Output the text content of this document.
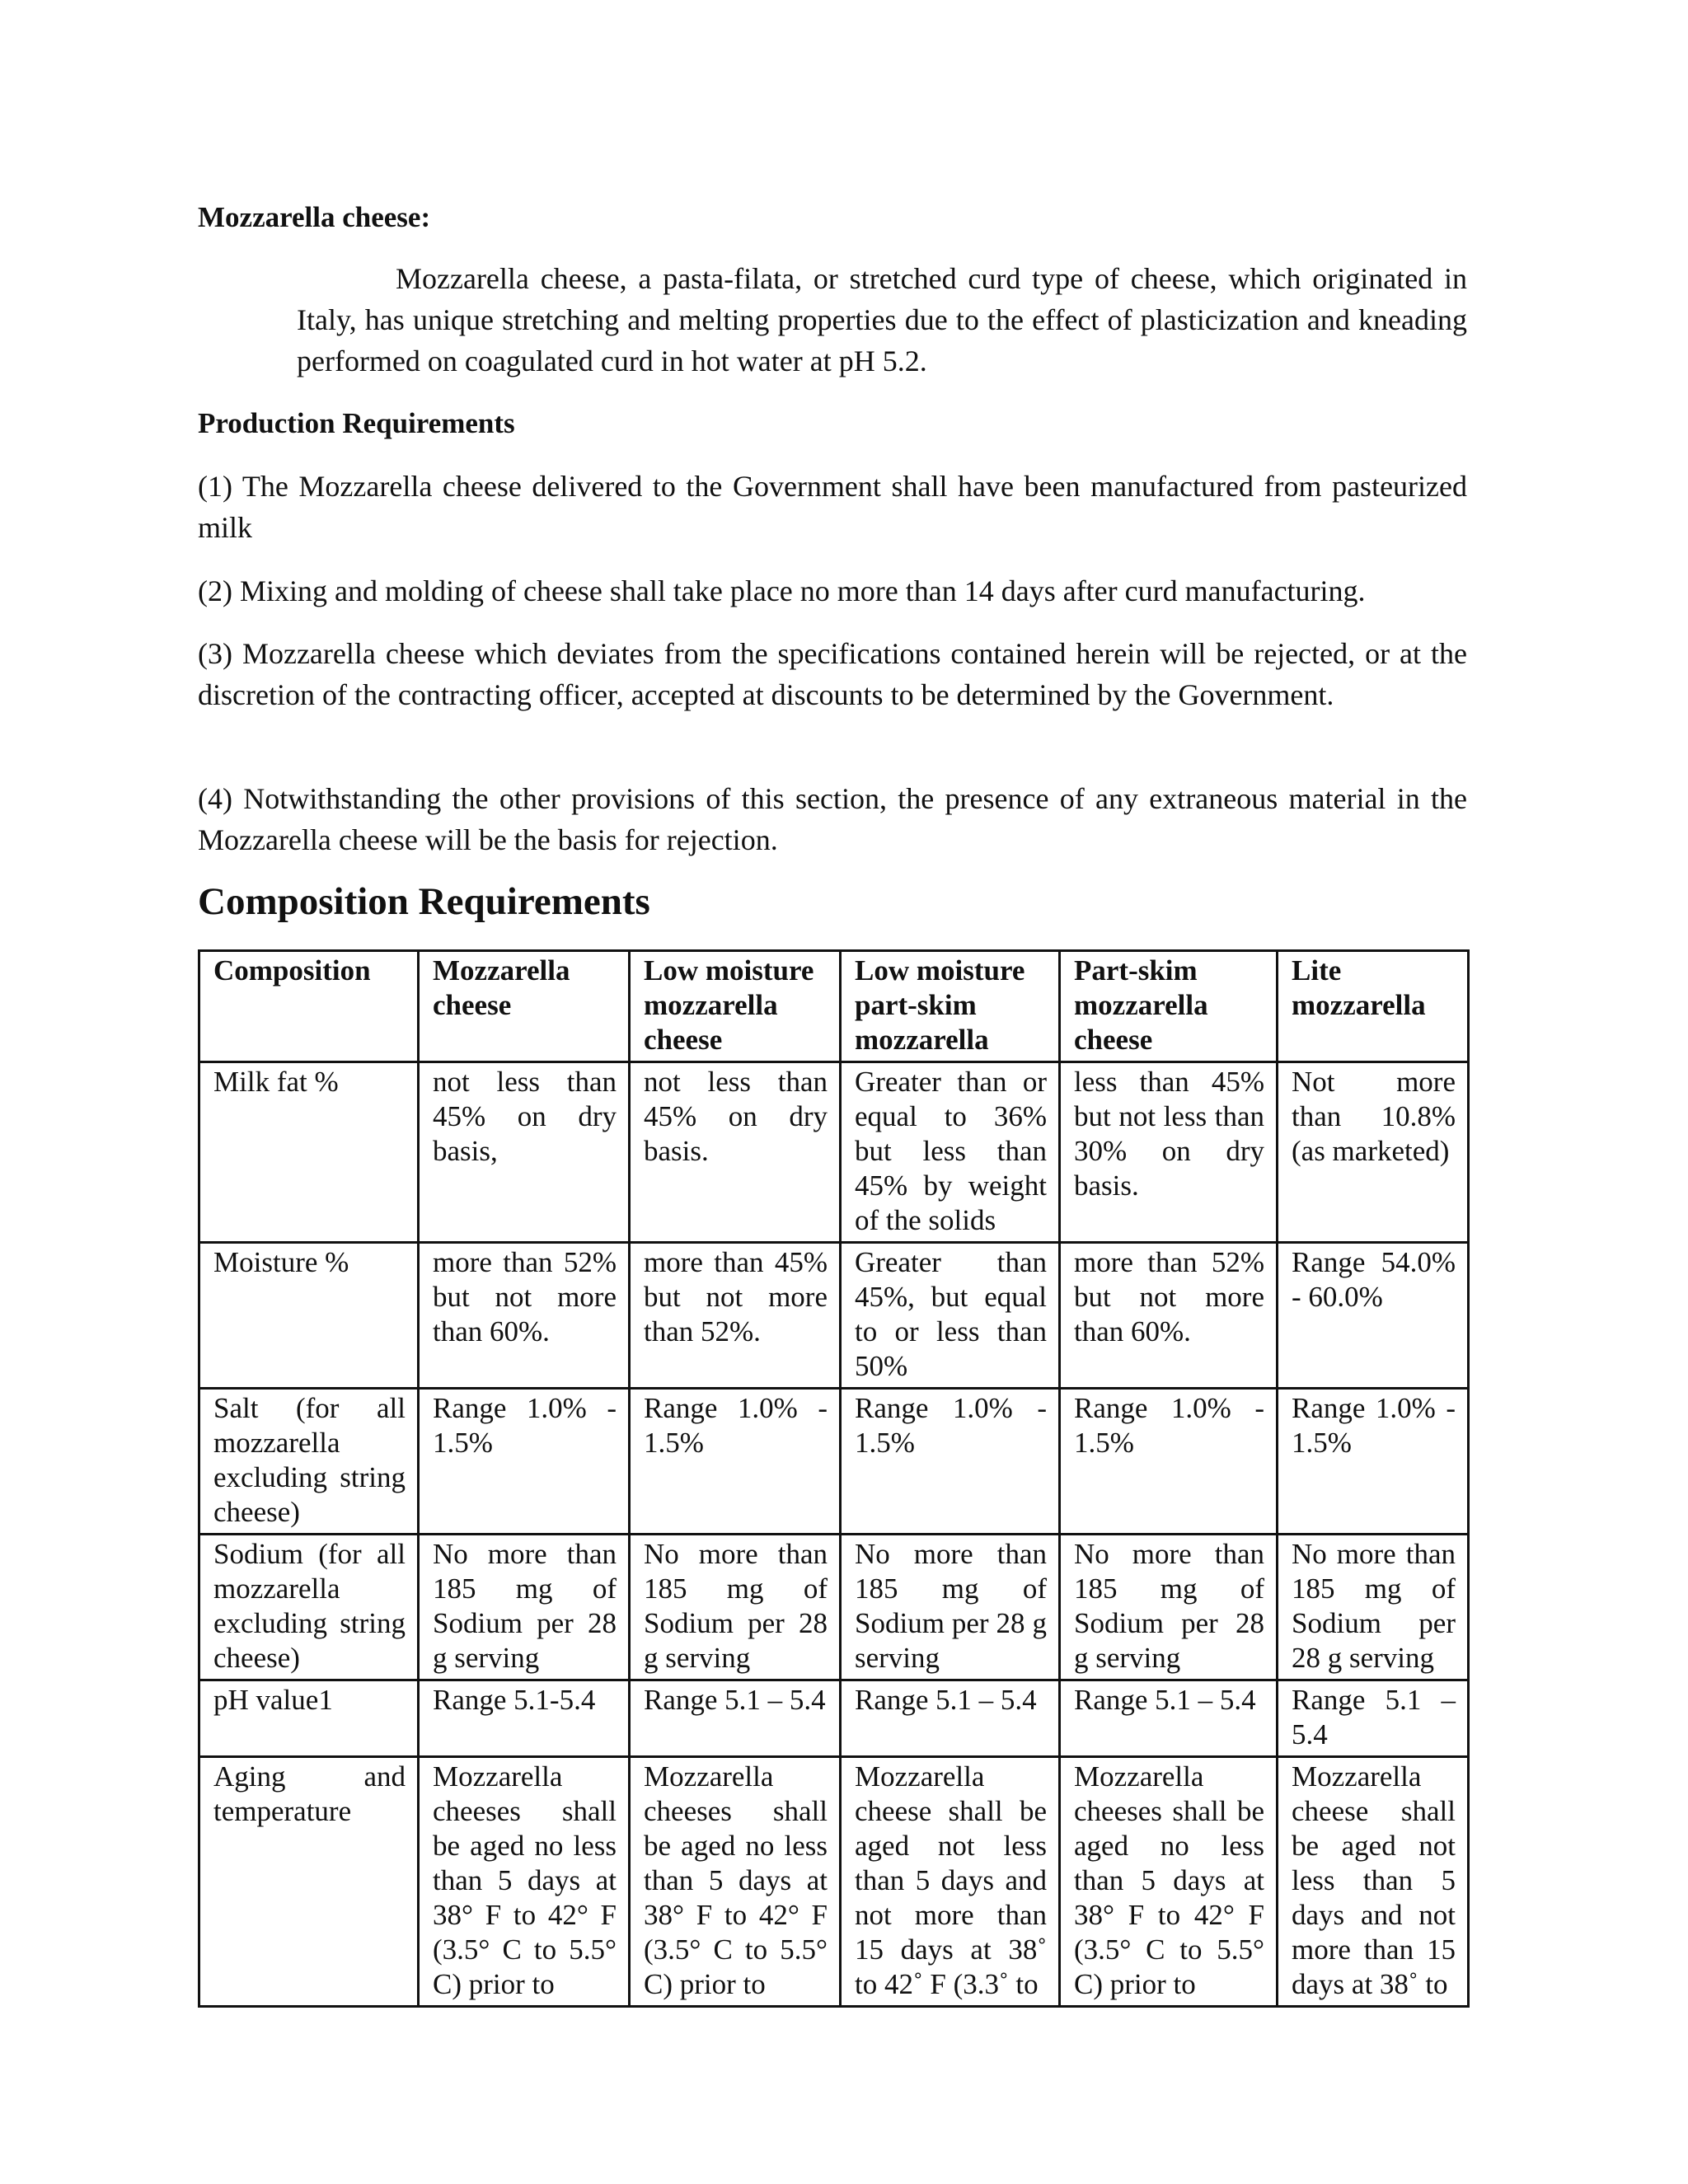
Mozzarella cheese:

Mozzarella cheese, a pasta-filata, or stretched curd type of cheese, which originated in Italy, has unique stretching and melting properties due to the effect of plasticization and kneading performed on coagulated curd in hot water at pH 5.2.

Production Requirements

(1) The Mozzarella cheese delivered to the Government shall have been manufactured from pasteurized milk

(2) Mixing and molding of cheese shall take place no more than 14 days after curd manufacturing.

(3) Mozzarella cheese which deviates from the specifications contained herein will be rejected, or at the discretion of the contracting officer, accepted at discounts to be determined by the Government.

(4) Notwithstanding the other provisions of this section, the presence of any extraneous material in the Mozzarella cheese will be the basis for rejection.

Composition Requirements
Composition	Mozzarella cheese	Low moisture mozzarella cheese	Low moisture part-skim mozzarella	Part-skim mozzarella cheese	Lite mozzarella
Milk fat %	not less than 45% on dry basis,	not less than 45% on dry basis.	Greater than or equal to 36% but less than 45% by weight of the solids	less than 45% but not less than 30% on dry basis.	Not more than 10.8% (as marketed)
Moisture %	more than 52% but not more than 60%.	more than 45% but not more than 52%.	Greater than 45%, but equal to or less than 50%	more than 52% but not more than 60%.	Range 54.0% - 60.0%
Salt (for all mozzarella excluding string cheese)	Range 1.0% - 1.5%	Range 1.0% - 1.5%	Range 1.0% - 1.5%	Range 1.0% - 1.5%	Range 1.0% - 1.5%
Sodium (for all mozzarella excluding string cheese)	No more than 185 mg of Sodium per 28 g serving	No more than 185 mg of Sodium per 28 g serving	No more than 185 mg of Sodium per 28 g serving	No more than 185 mg of Sodium per 28 g serving	No more than 185 mg of Sodium per 28 g serving
pH value1	Range 5.1-5.4	Range 5.1 – 5.4	Range 5.1 – 5.4	Range 5.1 – 5.4	Range 5.1 – 5.4
Aging and temperature	Mozzarella cheeses shall be aged no less than 5 days at 38° F to 42° F (3.5° C to 5.5° C) prior to	Mozzarella cheeses shall be aged no less than 5 days at 38° F to 42° F (3.5° C to 5.5° C) prior to	Mozzarella cheese shall be aged not less than 5 days and not more than 15 days at 38˚ to 42˚ F (3.3˚ to	Mozzarella cheeses shall be aged no less than 5 days at 38° F to 42° F (3.5° C to 5.5° C) prior to	Mozzarella cheese shall be aged not less than 5 days and not more than 15 days at 38˚ to
